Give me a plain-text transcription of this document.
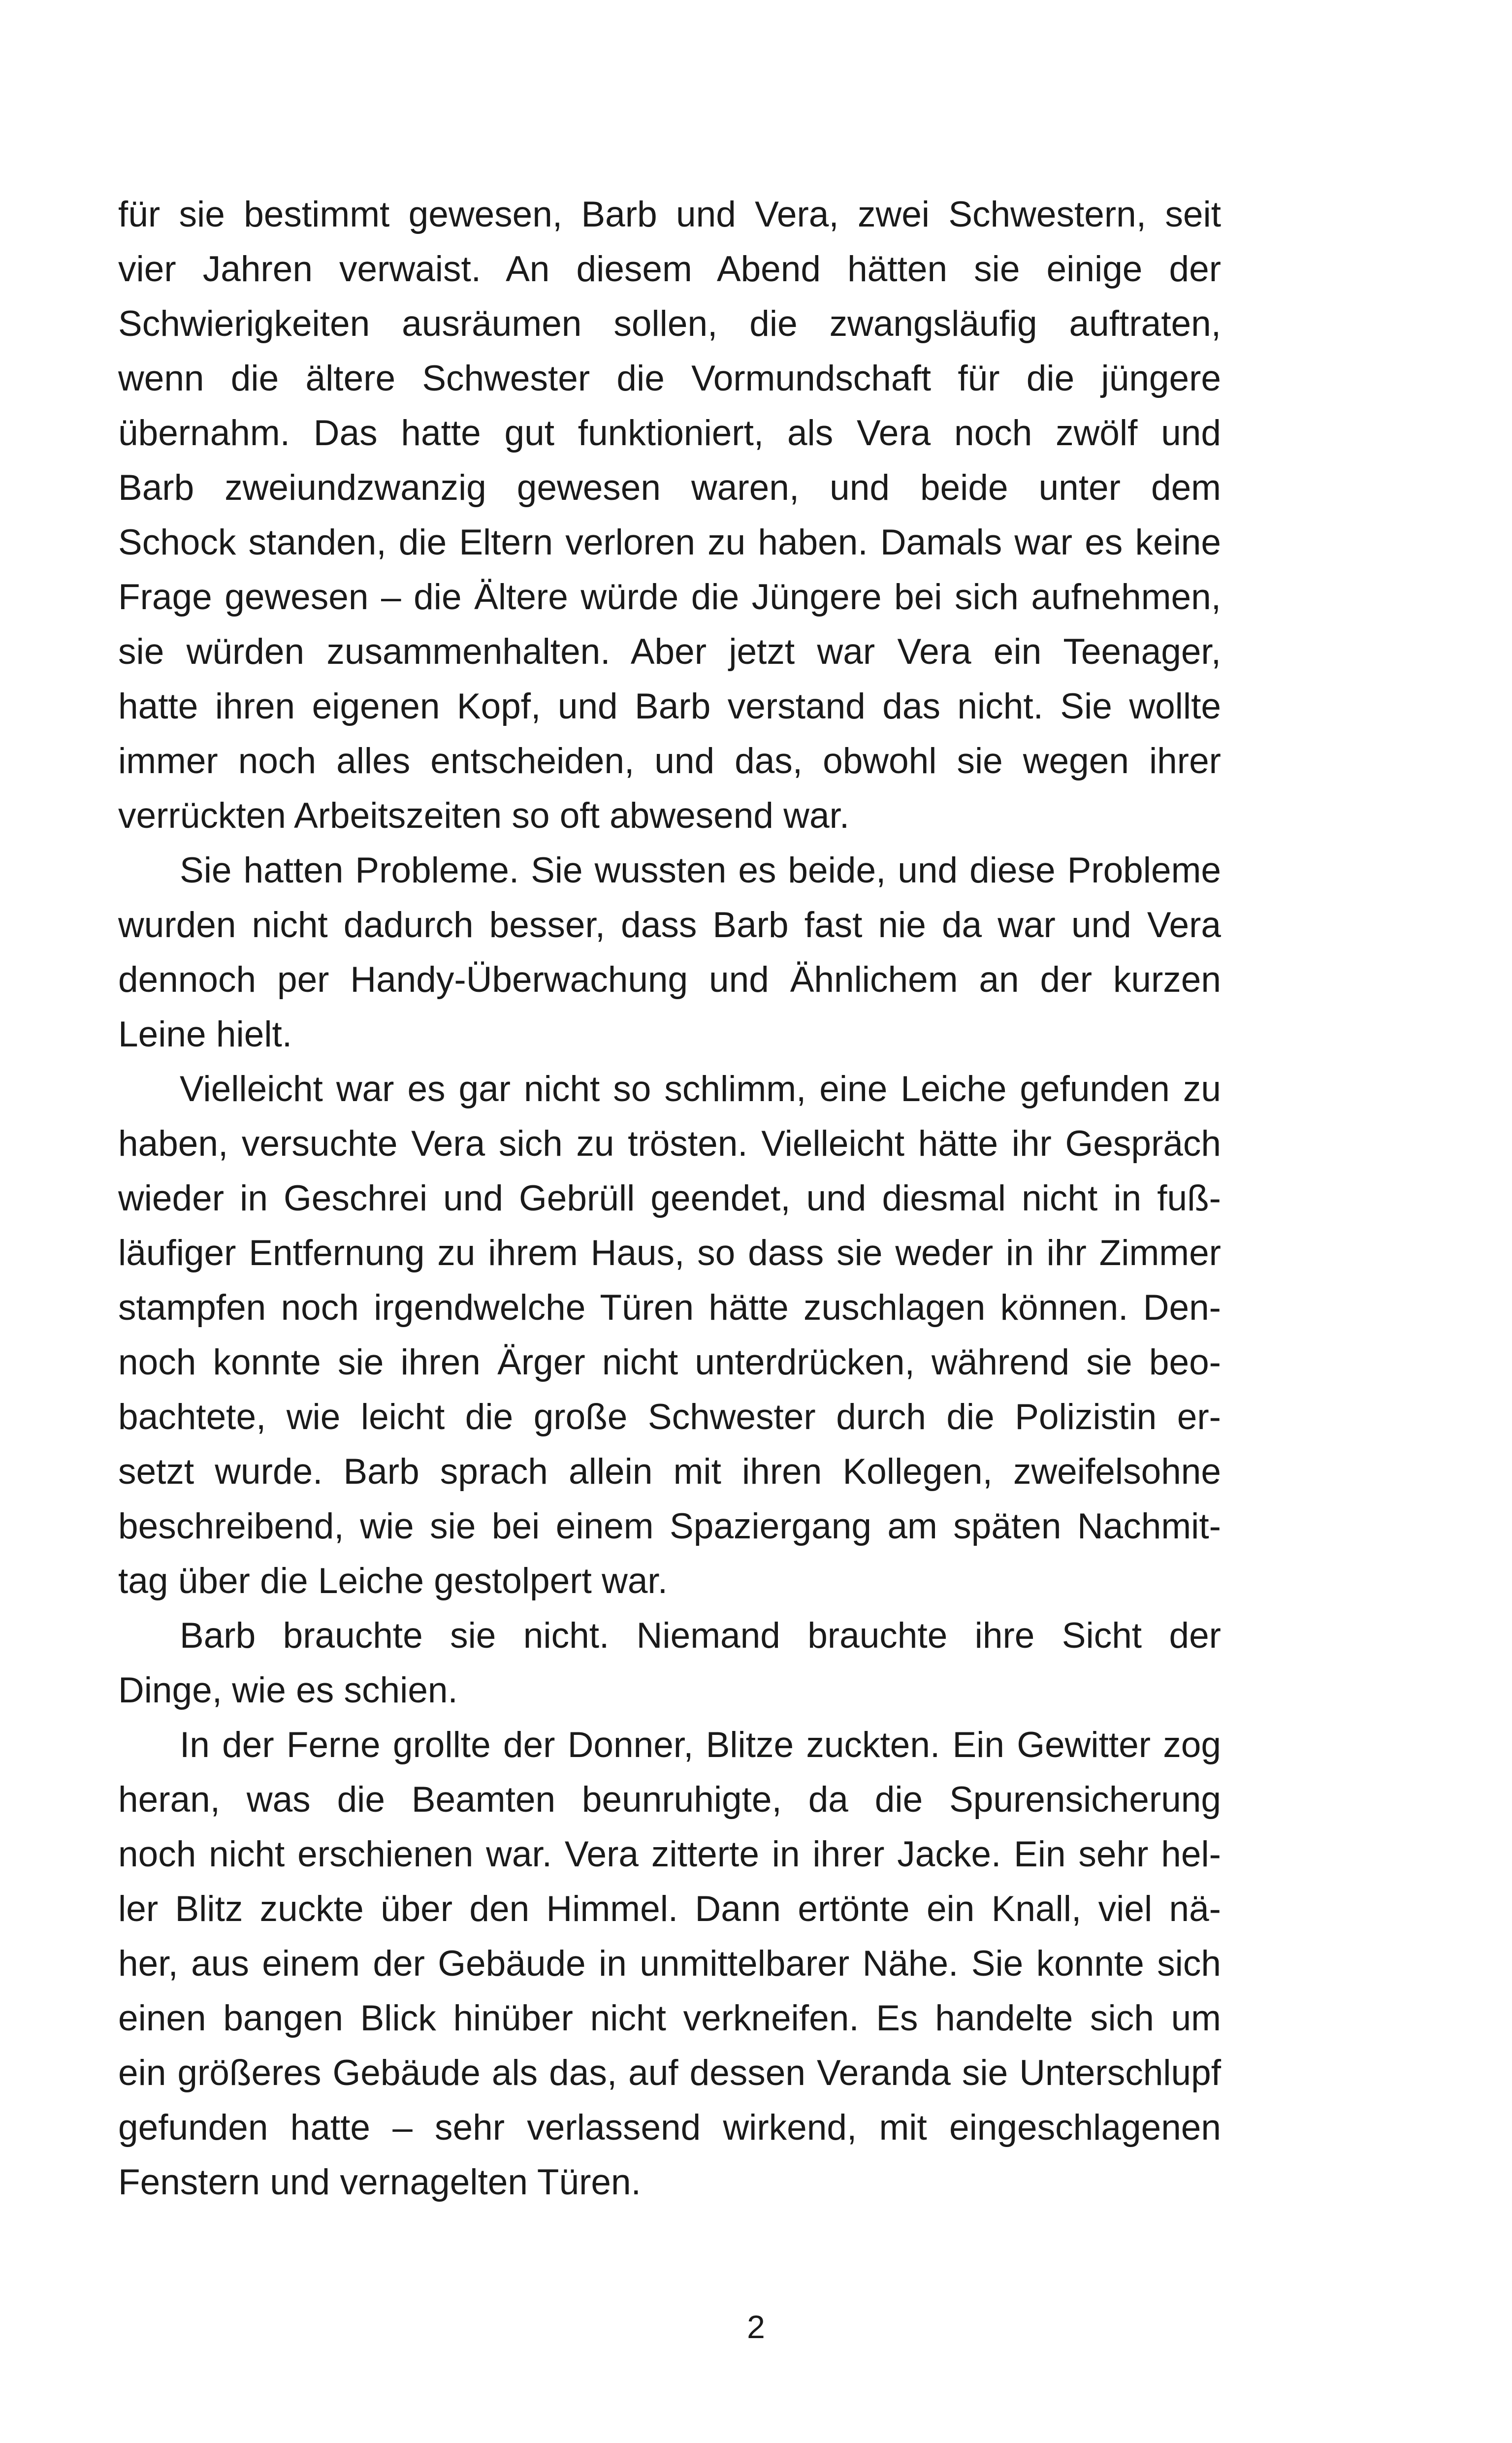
für sie bestimmt gewesen, Barb und Vera, zwei Schwestern, seit
vier Jahren verwaist. An diesem Abend hätten sie einige der
Schwierigkeiten ausräumen sollen, die zwangsläufig auftraten,
wenn die ältere Schwester die Vormundschaft für die jüngere
übernahm. Das hatte gut funktioniert, als Vera noch zwölf und
Barb zweiundzwanzig gewesen waren, und beide unter dem
Schock standen, die Eltern verloren zu haben. Damals war es keine
Frage gewesen – die Ältere würde die Jüngere bei sich aufnehmen,
sie würden zusammenhalten. Aber jetzt war Vera ein Teenager,
hatte ihren eigenen Kopf, und Barb verstand das nicht. Sie wollte
immer noch alles entscheiden, und das, obwohl sie wegen ihrer
verrückten Arbeitszeiten so oft abwesend war.
Sie hatten Probleme. Sie wussten es beide, und diese Probleme
wurden nicht dadurch besser, dass Barb fast nie da war und Vera
dennoch per Handy-Überwachung und Ähnlichem an der kurzen
Leine hielt.
Vielleicht war es gar nicht so schlimm, eine Leiche gefunden zu
haben, versuchte Vera sich zu trösten. Vielleicht hätte ihr Gespräch
wieder in Geschrei und Gebrüll geendet, und diesmal nicht in fuß-
läufiger Entfernung zu ihrem Haus, so dass sie weder in ihr Zimmer
stampfen noch irgendwelche Türen hätte zuschlagen können. Den-
noch konnte sie ihren Ärger nicht unterdrücken, während sie beo-
bachtete, wie leicht die große Schwester durch die Polizistin er-
setzt wurde. Barb sprach allein mit ihren Kollegen, zweifelsohne
beschreibend, wie sie bei einem Spaziergang am späten Nachmit-
tag über die Leiche gestolpert war.
Barb brauchte sie nicht. Niemand brauchte ihre Sicht der
Dinge, wie es schien.
In der Ferne grollte der Donner, Blitze zuckten. Ein Gewitter zog
heran, was die Beamten beunruhigte, da die Spurensicherung
noch nicht erschienen war. Vera zitterte in ihrer Jacke. Ein sehr hel-
ler Blitz zuckte über den Himmel. Dann ertönte ein Knall, viel nä-
her, aus einem der Gebäude in unmittelbarer Nähe. Sie konnte sich
einen bangen Blick hinüber nicht verkneifen. Es handelte sich um
ein größeres Gebäude als das, auf dessen Veranda sie Unterschlupf
gefunden hatte – sehr verlassend wirkend, mit eingeschlagenen
Fenstern und vernagelten Türen.
2
